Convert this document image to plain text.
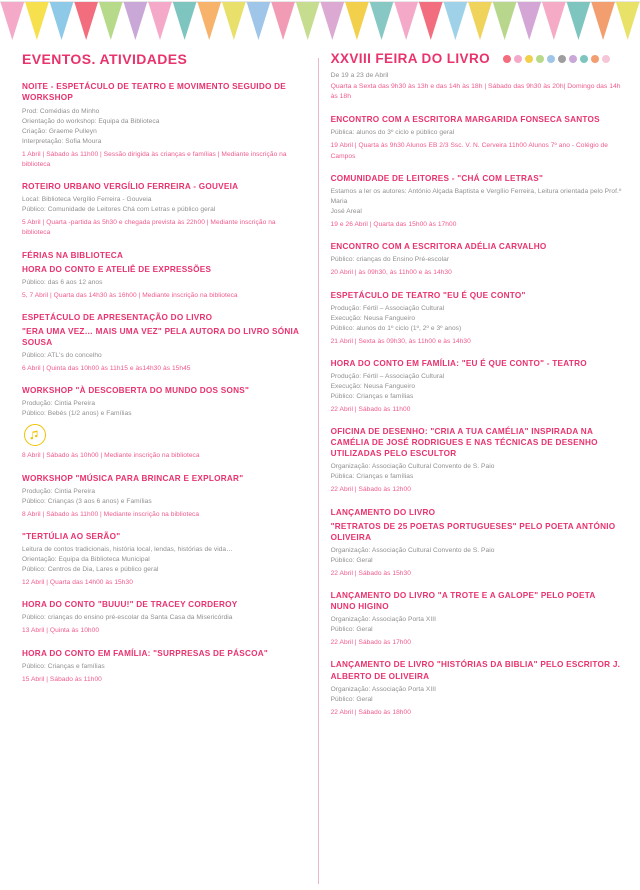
EVENTOS. ATIVIDADES
NOITE - ESPETÁCULO DE TEATRO E MOVIMENTO SEGUIDO DE WORKSHOP
Prod: Comédias do Minho
Orientação do workshop: Equipa da Biblioteca
Criação: Graeme Pulleyn
Interpretação: Sofia Moura
1 Abril | Sábado às 11h00 | Sessão dirigida às crianças e famílias | Mediante inscrição na biblioteca
ROTEIRO URBANO VERGÍLIO FERREIRA - GOUVEIA
Local: Biblioteca Vergílio Ferreira - Gouveia
Público: Comunidade de Leitores Chá com Letras e público geral
5 Abril | Quarta -partida às 5h30 e chegada prevista às 22h00 | Mediante inscrição na biblioteca
FÉRIAS NA BIBLIOTECA
HORA DO CONTO E ATELIÊ DE EXPRESSÕES
Público: das 6 aos 12 anos
5, 7 Abril | Quarta das 14h30 às 16h00 | Mediante inscrição na biblioteca
ESPETÁCULO DE APRESENTAÇÃO DO LIVRO
"ERA UMA VEZ… MAIS UMA VEZ" PELA AUTORA DO LIVRO SÓNIA SOUSA
Público: ATL's do concelho
6 Abril | Quinta das 10h00 às 11h15 e às14h30 às 15h45
WORKSHOP "À DESCOBERTA DO MUNDO DOS SONS"
Produção: Cintia Pereira
Público: Bebés (1/2 anos) e Famílias
8 Abril | Sábado às 10h00 | Mediante inscrição na biblioteca
WORKSHOP "MÚSICA PARA BRINCAR E EXPLORAR"
Produção: Cintia Pereira
Público: Crianças (3 aos 6 anos) e Famílias
8 Abril | Sábado às 11h00 | Mediante inscrição na biblioteca
"TERTÚLIA AO SERÃO"
Leitura de contos tradicionais, história local, lendas, histórias de vida…
Orientação: Equipa da Biblioteca Municipal
Público: Centros de Dia, Lares e público geral
12 Abril | Quarta das 14h00 às 15h30
HORA DO CONTO "BUUU!" DE TRACEY CORDEROY
Público: crianças do ensino pré-escolar da Santa Casa da Misericórdia
13 Abril | Quinta às 10h00
HORA DO CONTO EM FAMÍLIA: "SURPRESAS DE PÁSCOA"
Público: Crianças e famílias
15 Abril | Sábado às 11h00
XXVIII FEIRA DO LIVRO
De 19 a 23 de Abril
Quarta a Sexta das 9h30 às 13h e das 14h às 18h | Sábado das 9h30 às 20h| Domingo das 14h às 18h
ENCONTRO COM A ESCRITORA MARGARIDA FONSECA SANTOS
Pública: alunos do 3º ciclo e público geral
19 Abril | Quarta às 9h30 Alunos EB 2/3 Ssc. V. N. Cerveira 11h00 Alunos 7º ano - Colégio de Campos
COMUNIDADE DE LEITORES - "CHÁ COM LETRAS"
Estamos a ler os autores: António Alçada Baptista e Vergílio Ferreira, Leitura orientada pelo Prof.º Maria
José Areal
19 e 26 Abril | Quarta das 15h00 às 17h00
ENCONTRO COM A ESCRITORA ADÉLIA CARVALHO
Público: crianças do Ensino Pré-escolar
20 Abril | às 09h30, às 11h00 e às 14h30
ESPETÁCULO DE TEATRO "EU É QUE CONTO"
Produção: Fértil – Associação Cultural
Execução: Neusa Fangueiro
Público: alunos do 1º ciclo (1º, 2º e 3º anos)
21 Abril | Sexta às 09h30, às 11h00 e às 14h30
HORA DO CONTO EM FAMÍLIA: "EU É QUE CONTO" - TEATRO
Produção: Fértil – Associação Cultural
Execução: Neusa Fangueiro
Público: Crianças e famílias
22 Abril | Sábado às 11h00
OFICINA DE DESENHO: "CRIA A TUA CAMÉLIA" INSPIRADA NA CAMÉLIA DE JOSÉ RODRIGUES E NAS TÉCNICAS DE DESENHO UTILIZADAS PELO ESCULTOR
Organização: Associação Cultural Convento de S. Paio
Pública: Crianças e famílias
22 Abril | Sábado às 12h00
LANÇAMENTO DO LIVRO
"RETRATOS DE 25 POETAS PORTUGUESES" PELO POETA ANTÓNIO OLIVEIRA
Organização: Associação Cultural Convento de S. Paio
Público: Geral
22 Abril | Sábado às 15h30
LANÇAMENTO DO LIVRO "A TROTE E A GALOPE" PELO POETA NUNO HIGINO
Organização: Associação Porta XIII
Público: Geral
22 Abril | Sábado às 17h00
LANÇAMENTO DE LIVRO "HISTÓRIAS DA BIBLIA" PELO ESCRITOR J. ALBERTO DE OLIVEIRA
Organização: Associação Porta XIII
Público: Geral
22 Abril | Sábado às 18h00
